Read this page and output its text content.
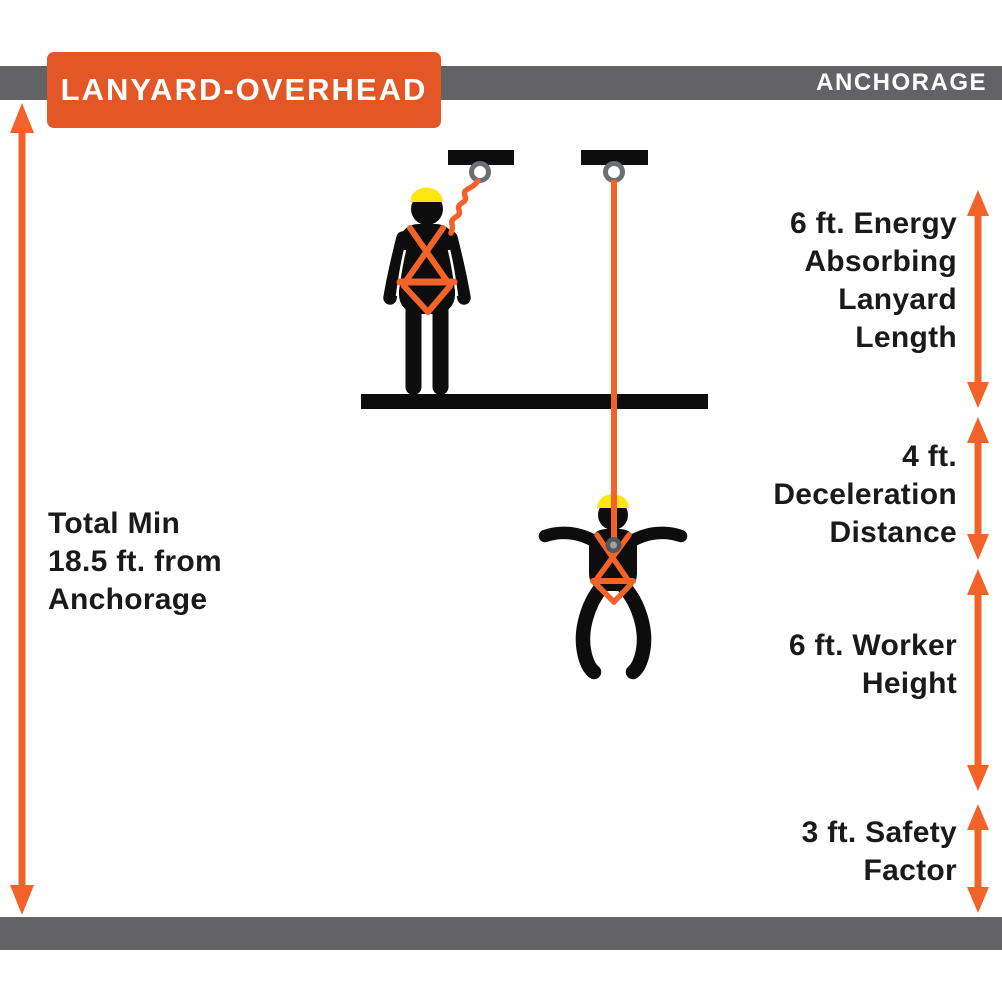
ANCHORAGE
LANYARD-OVERHEAD
Total Min
18.5 ft. from
Anchorage
6 ft. Energy
Absorbing
Lanyard
Length
4 ft.
Deceleration
Distance
6 ft. Worker
Height
3 ft. Safety
Factor
